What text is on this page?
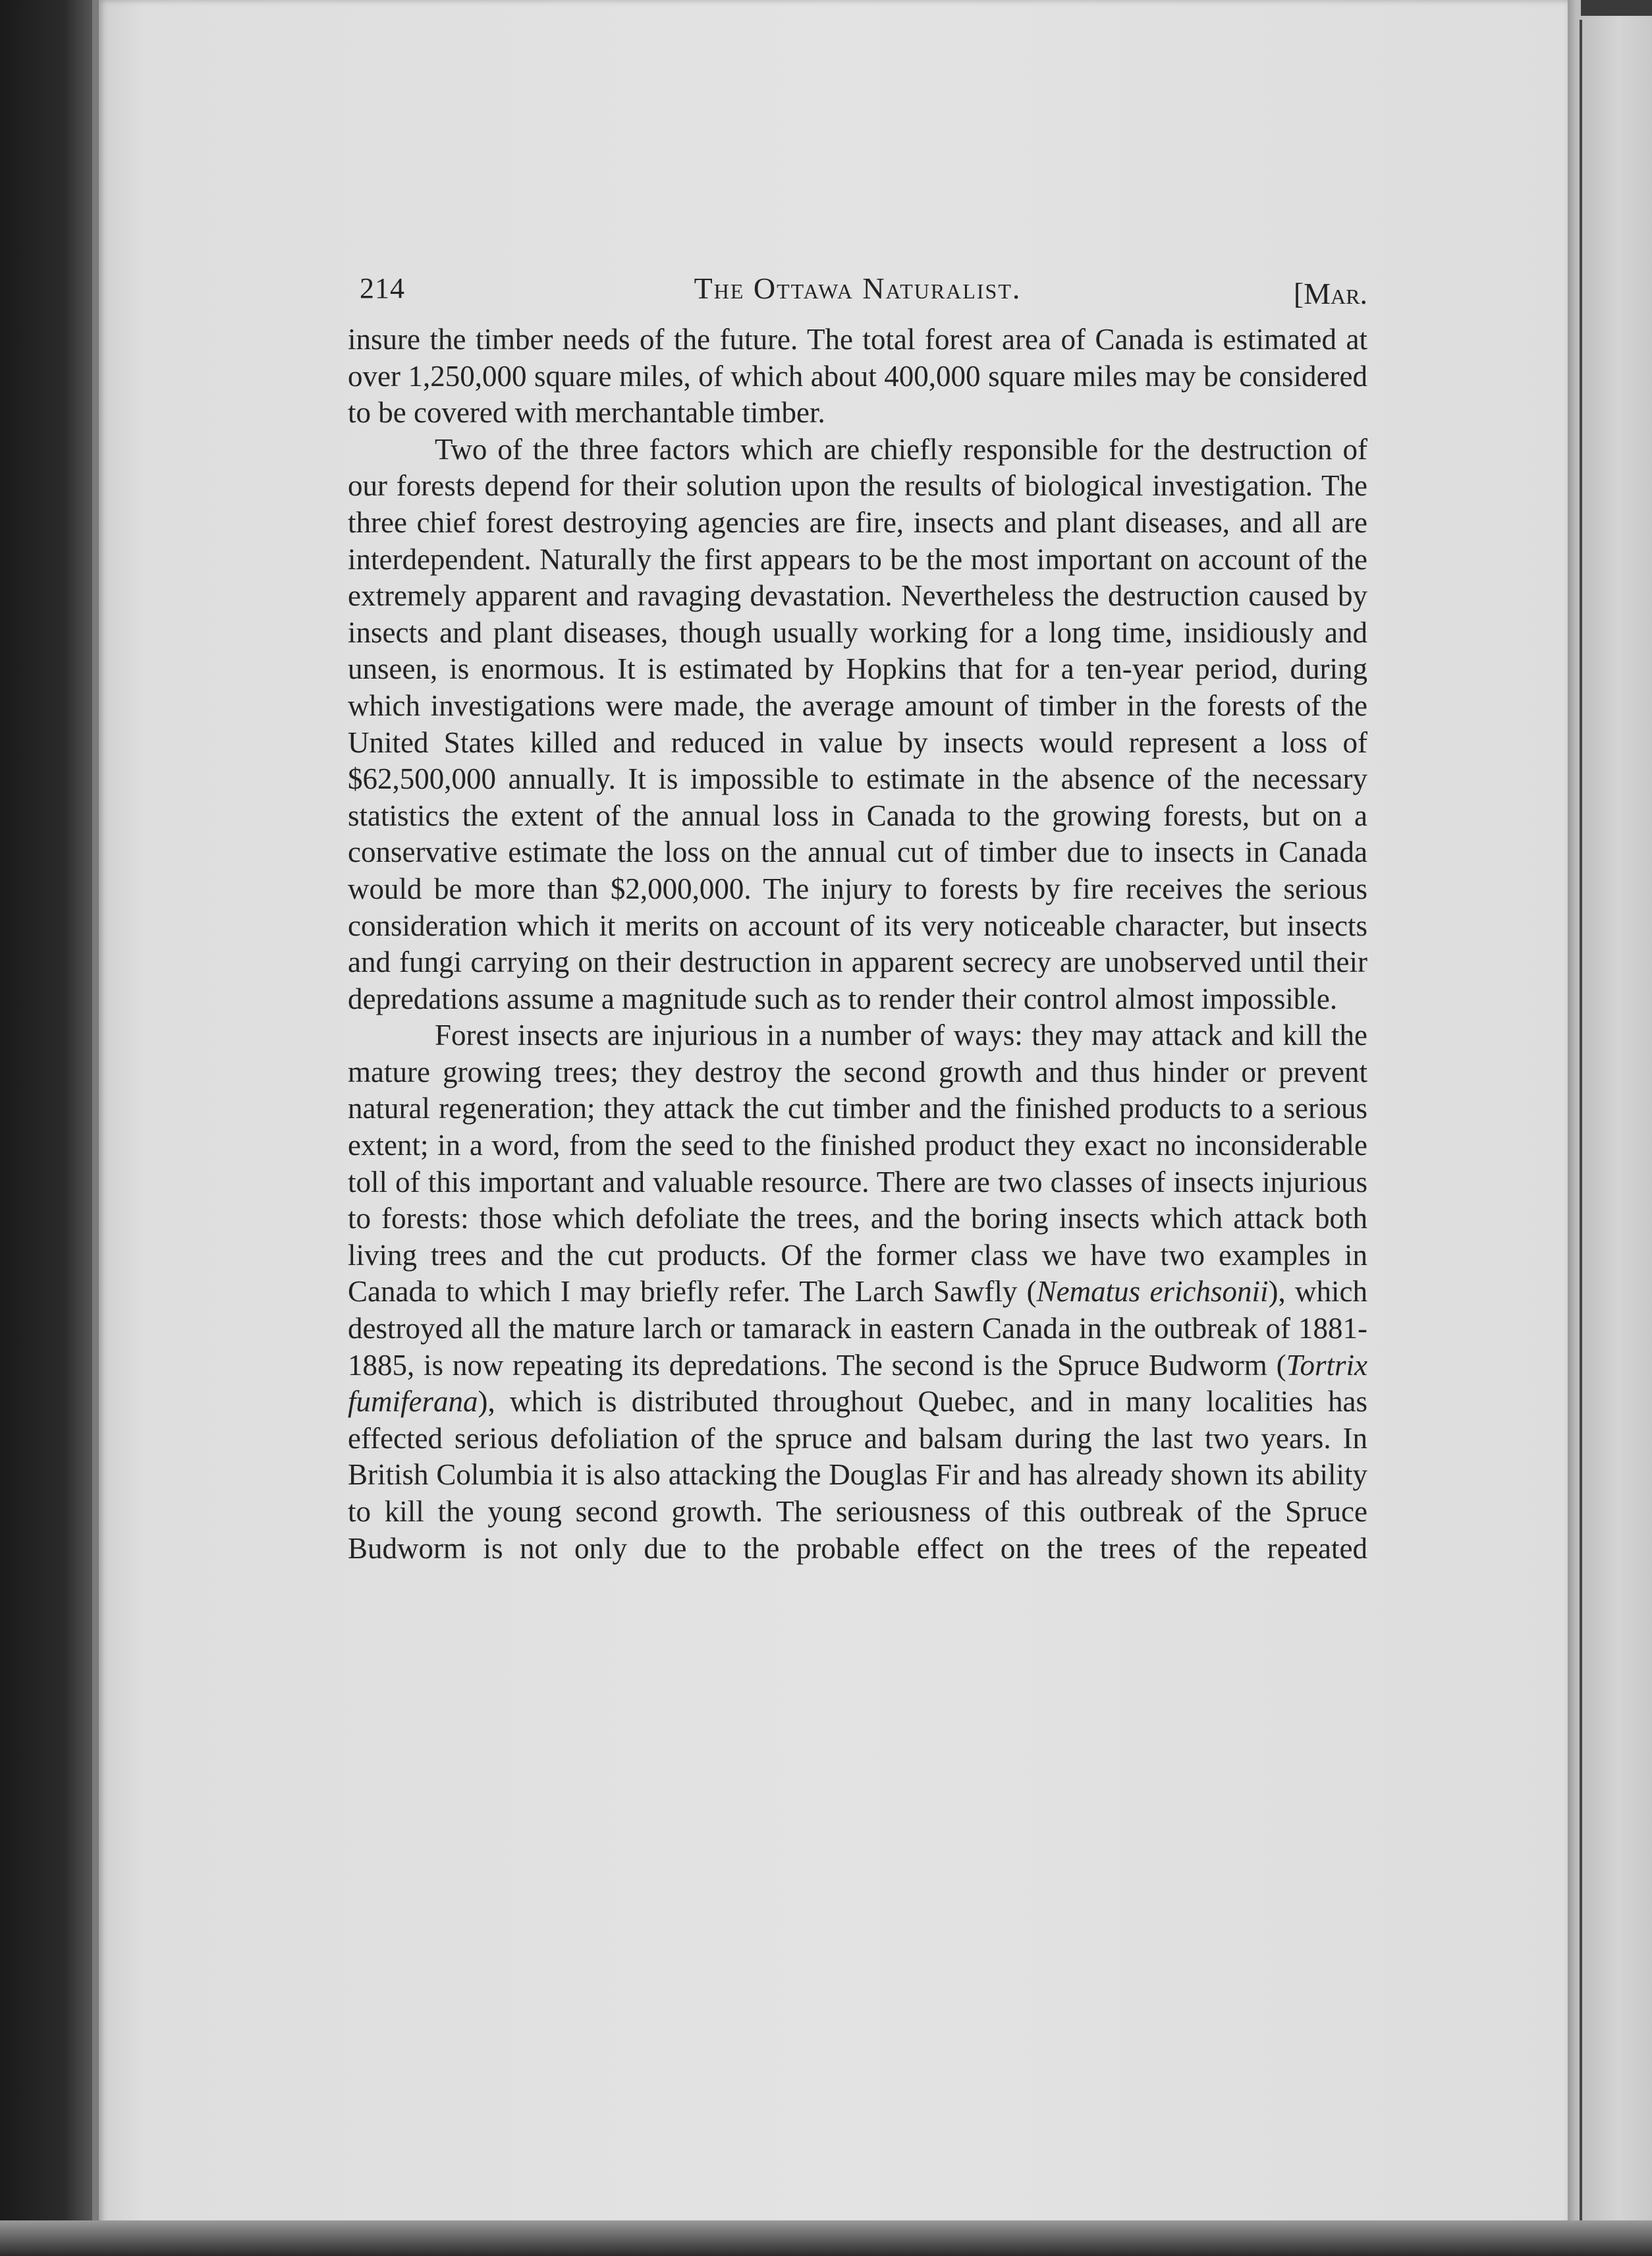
214	The Ottawa Naturalist.	[Mar.

insure the timber needs of the future. The total forest area of Canada is estimated at over 1,250,000 square miles, of which about 400,000 square miles may be considered to be covered with merchantable timber.

Two of the three factors which are chiefly responsible for the destruction of our forests depend for their solution upon the results of biological investigation. The three chief forest destroying agencies are fire, insects and plant diseases, and all are interdependent. Naturally the first appears to be the most important on account of the extremely apparent and ravaging devastation. Nevertheless the destruction caused by insects and plant diseases, though usually working for a long time, insidiously and unseen, is enormous. It is estimated by Hopkins that for a ten-year period, during which investigations were made, the average amount of timber in the forests of the United States killed and reduced in value by insects would represent a loss of $62,500,000 annually. It is impossible to estimate in the absence of the necessary statistics the extent of the annual loss in Canada to the growing forests, but on a conservative estimate the loss on the annual cut of timber due to insects in Canada would be more than $2,000,000. The injury to forests by fire receives the serious consideration which it merits on account of its very noticeable character, but insects and fungi carrying on their destruction in apparent secrecy are unobserved until their depredations assume a magnitude such as to render their control almost impossible.

Forest insects are injurious in a number of ways: they may attack and kill the mature growing trees; they destroy the second growth and thus hinder or prevent natural regeneration; they attack the cut timber and the finished products to a serious extent; in a word, from the seed to the finished product they exact no inconsiderable toll of this important and valuable resource. There are two classes of insects injurious to forests: those which defoliate the trees, and the boring insects which attack both living trees and the cut products. Of the former class we have two examples in Canada to which I may briefly refer. The Larch Sawfly (Nematus erichsonii), which destroyed all the mature larch or tamarack in eastern Canada in the outbreak of 1881-1885, is now repeating its depredations. The second is the Spruce Budworm (Tortrix fumiferana), which is distributed throughout Quebec, and in many localities has effected serious defoliation of the spruce and balsam during the last two years. In British Columbia it is also attacking the Douglas Fir and has already shown its ability to kill the young second growth. The seriousness of this outbreak of the Spruce Budworm is not only due to the probable effect on the trees of the repeated
